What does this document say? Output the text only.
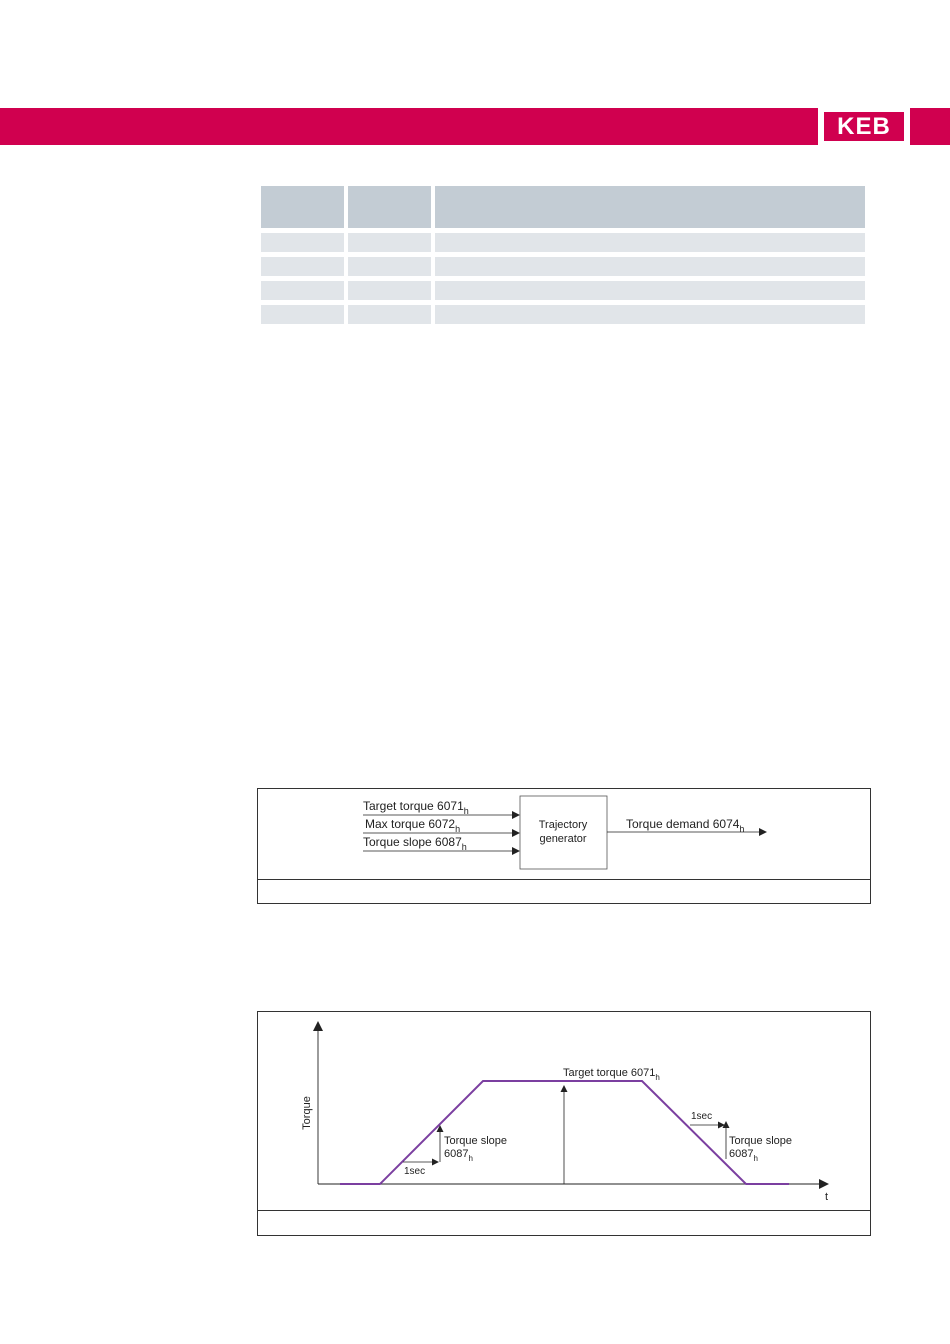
KEB
Target torque $6071_h$
Max torque $6072_h$
Torque slope $6087_h$
Trajectory
generator
Torque demand $6074_h$
Torque
t
Target torque $6071_h$
1sec
Torque slope
$6087_h$
1sec
Torque slope
$6087_h$
